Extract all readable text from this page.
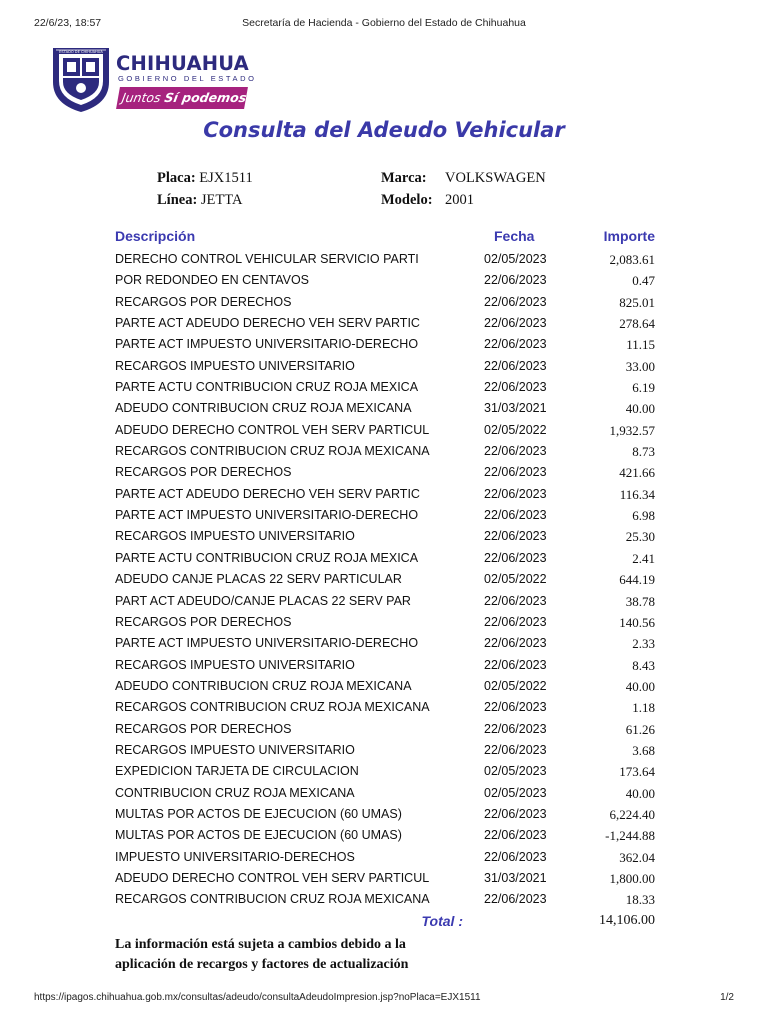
22/6/23, 18:57	Secretaría de Hacienda - Gobierno del Estado de Chihuahua
ESTADO DE CHIHUAHUA CHIHUAHUA
GOBIERNO DEL ESTADO
Juntos Sí podemos
Consulta del Adeudo Vehicular
Placa: EJX1511	Marca: VOLKSWAGEN
Línea: JETTA	Modelo: 2001
Descripción	Fecha	Importe
DERECHO CONTROL VEHICULAR SERVICIO PARTI	02/05/2023	2,083.61
POR REDONDEO EN CENTAVOS	22/06/2023	0.47
RECARGOS POR DERECHOS	22/06/2023	825.01
PARTE ACT ADEUDO DERECHO VEH SERV PARTIC	22/06/2023	278.64
PARTE ACT IMPUESTO UNIVERSITARIO-DERECHO	22/06/2023	11.15
RECARGOS IMPUESTO UNIVERSITARIO	22/06/2023	33.00
PARTE ACTU CONTRIBUCION CRUZ ROJA MEXICA	22/06/2023	6.19
ADEUDO CONTRIBUCION CRUZ ROJA MEXICANA	31/03/2021	40.00
ADEUDO DERECHO CONTROL VEH SERV PARTICUL	02/05/2022	1,932.57
RECARGOS CONTRIBUCION CRUZ ROJA MEXICANA	22/06/2023	8.73
RECARGOS POR DERECHOS	22/06/2023	421.66
PARTE ACT ADEUDO DERECHO VEH SERV PARTIC	22/06/2023	116.34
PARTE ACT IMPUESTO UNIVERSITARIO-DERECHO	22/06/2023	6.98
RECARGOS IMPUESTO UNIVERSITARIO	22/06/2023	25.30
PARTE ACTU CONTRIBUCION CRUZ ROJA MEXICA	22/06/2023	2.41
ADEUDO CANJE PLACAS 22 SERV PARTICULAR	02/05/2022	644.19
PART ACT ADEUDO/CANJE PLACAS 22 SERV PAR	22/06/2023	38.78
RECARGOS POR DERECHOS	22/06/2023	140.56
PARTE ACT IMPUESTO UNIVERSITARIO-DERECHO	22/06/2023	2.33
RECARGOS IMPUESTO UNIVERSITARIO	22/06/2023	8.43
ADEUDO CONTRIBUCION CRUZ ROJA MEXICANA	02/05/2022	40.00
RECARGOS CONTRIBUCION CRUZ ROJA MEXICANA	22/06/2023	1.18
RECARGOS POR DERECHOS	22/06/2023	61.26
RECARGOS IMPUESTO UNIVERSITARIO	22/06/2023	3.68
EXPEDICION TARJETA DE CIRCULACION	02/05/2023	173.64
CONTRIBUCION CRUZ ROJA MEXICANA	02/05/2023	40.00
MULTAS POR ACTOS DE EJECUCION (60 UMAS)	22/06/2023	6,224.40
MULTAS POR ACTOS DE EJECUCION (60 UMAS)	22/06/2023	-1,244.88
IMPUESTO UNIVERSITARIO-DERECHOS	22/06/2023	362.04
ADEUDO DERECHO CONTROL VEH SERV PARTICUL	31/03/2021	1,800.00
RECARGOS CONTRIBUCION CRUZ ROJA MEXICANA	22/06/2023	18.33
Total :	14,106.00
La información está sujeta a cambios debido a la
aplicación de recargos y factores de actualización
https://ipagos.chihuahua.gob.mx/consultas/adeudo/consultaAdeudoImpresion.jsp?noPlaca=EJX1511	1/2
